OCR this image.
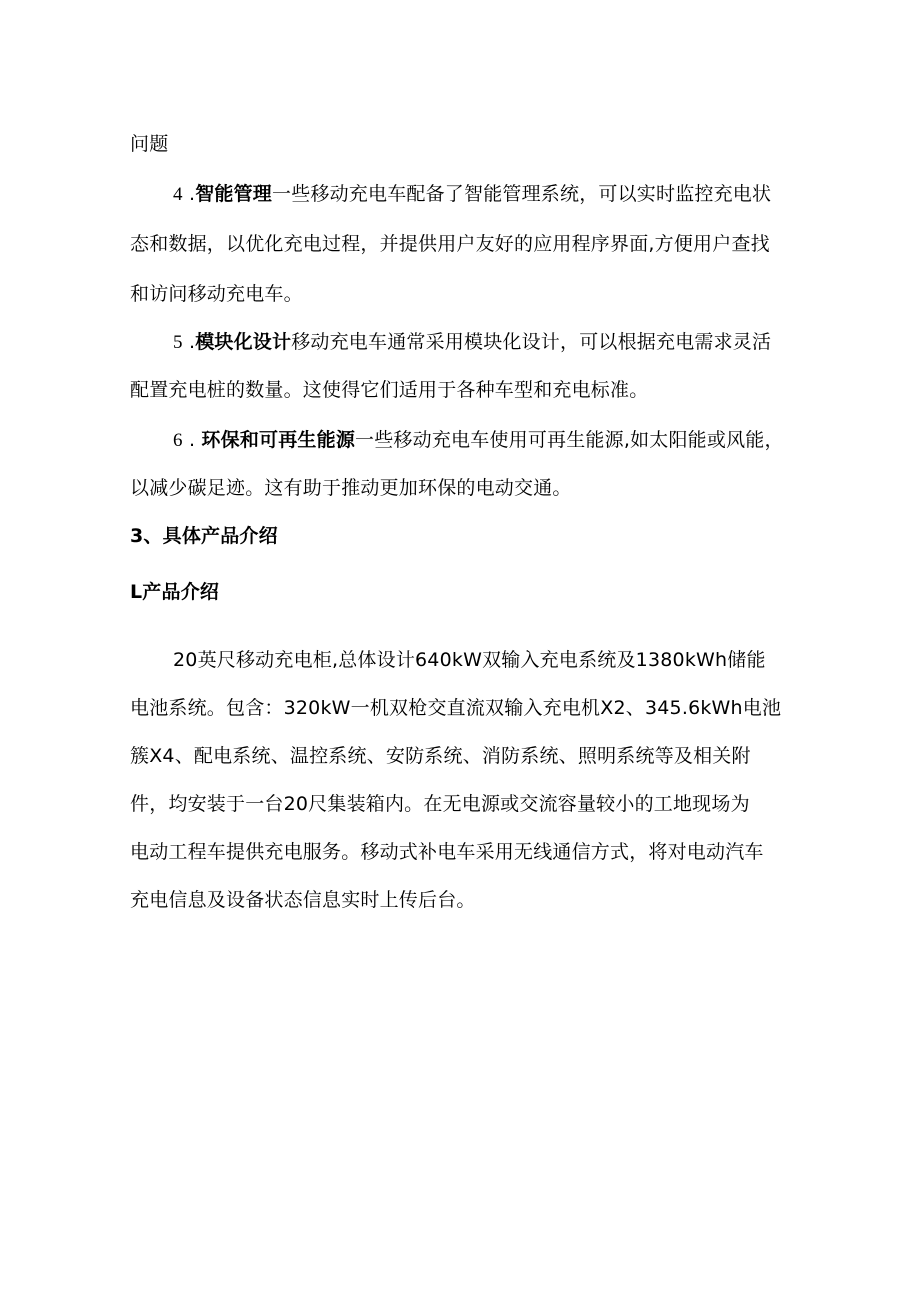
问题
4 .智能管理一些移动充电车配备了智能管理系统，可以实时监控充电状
态和数据，以优化充电过程，并提供用户友好的应用程序界面,方便用户查找
和访问移动充电车。
5 .模块化设计移动充电车通常采用模块化设计，可以根据充电需求灵活
配置充电桩的数量。这使得它们适用于各种车型和充电标准。
6 . 环保和可再生能源一些移动充电车使用可再生能源,如太阳能或风能，
以减少碳足迹。这有助于推动更加环保的电动交通。
3、具体产品介绍
L产品介绍
20英尺移动充电柜,总体设计640kW双输入充电系统及1380kWh储能
电池系统。包含：320kW一机双枪交直流双输入充电机X2、345.6kWh电池
簇X4、配电系统、温控系统、安防系统、消防系统、照明系统等及相关附
件，均安装于一台20尺集装箱内。在无电源或交流容量较小的工地现场为
电动工程车提供充电服务。移动式补电车采用无线通信方式，将对电动汽车
充电信息及设备状态信息实时上传后台。
